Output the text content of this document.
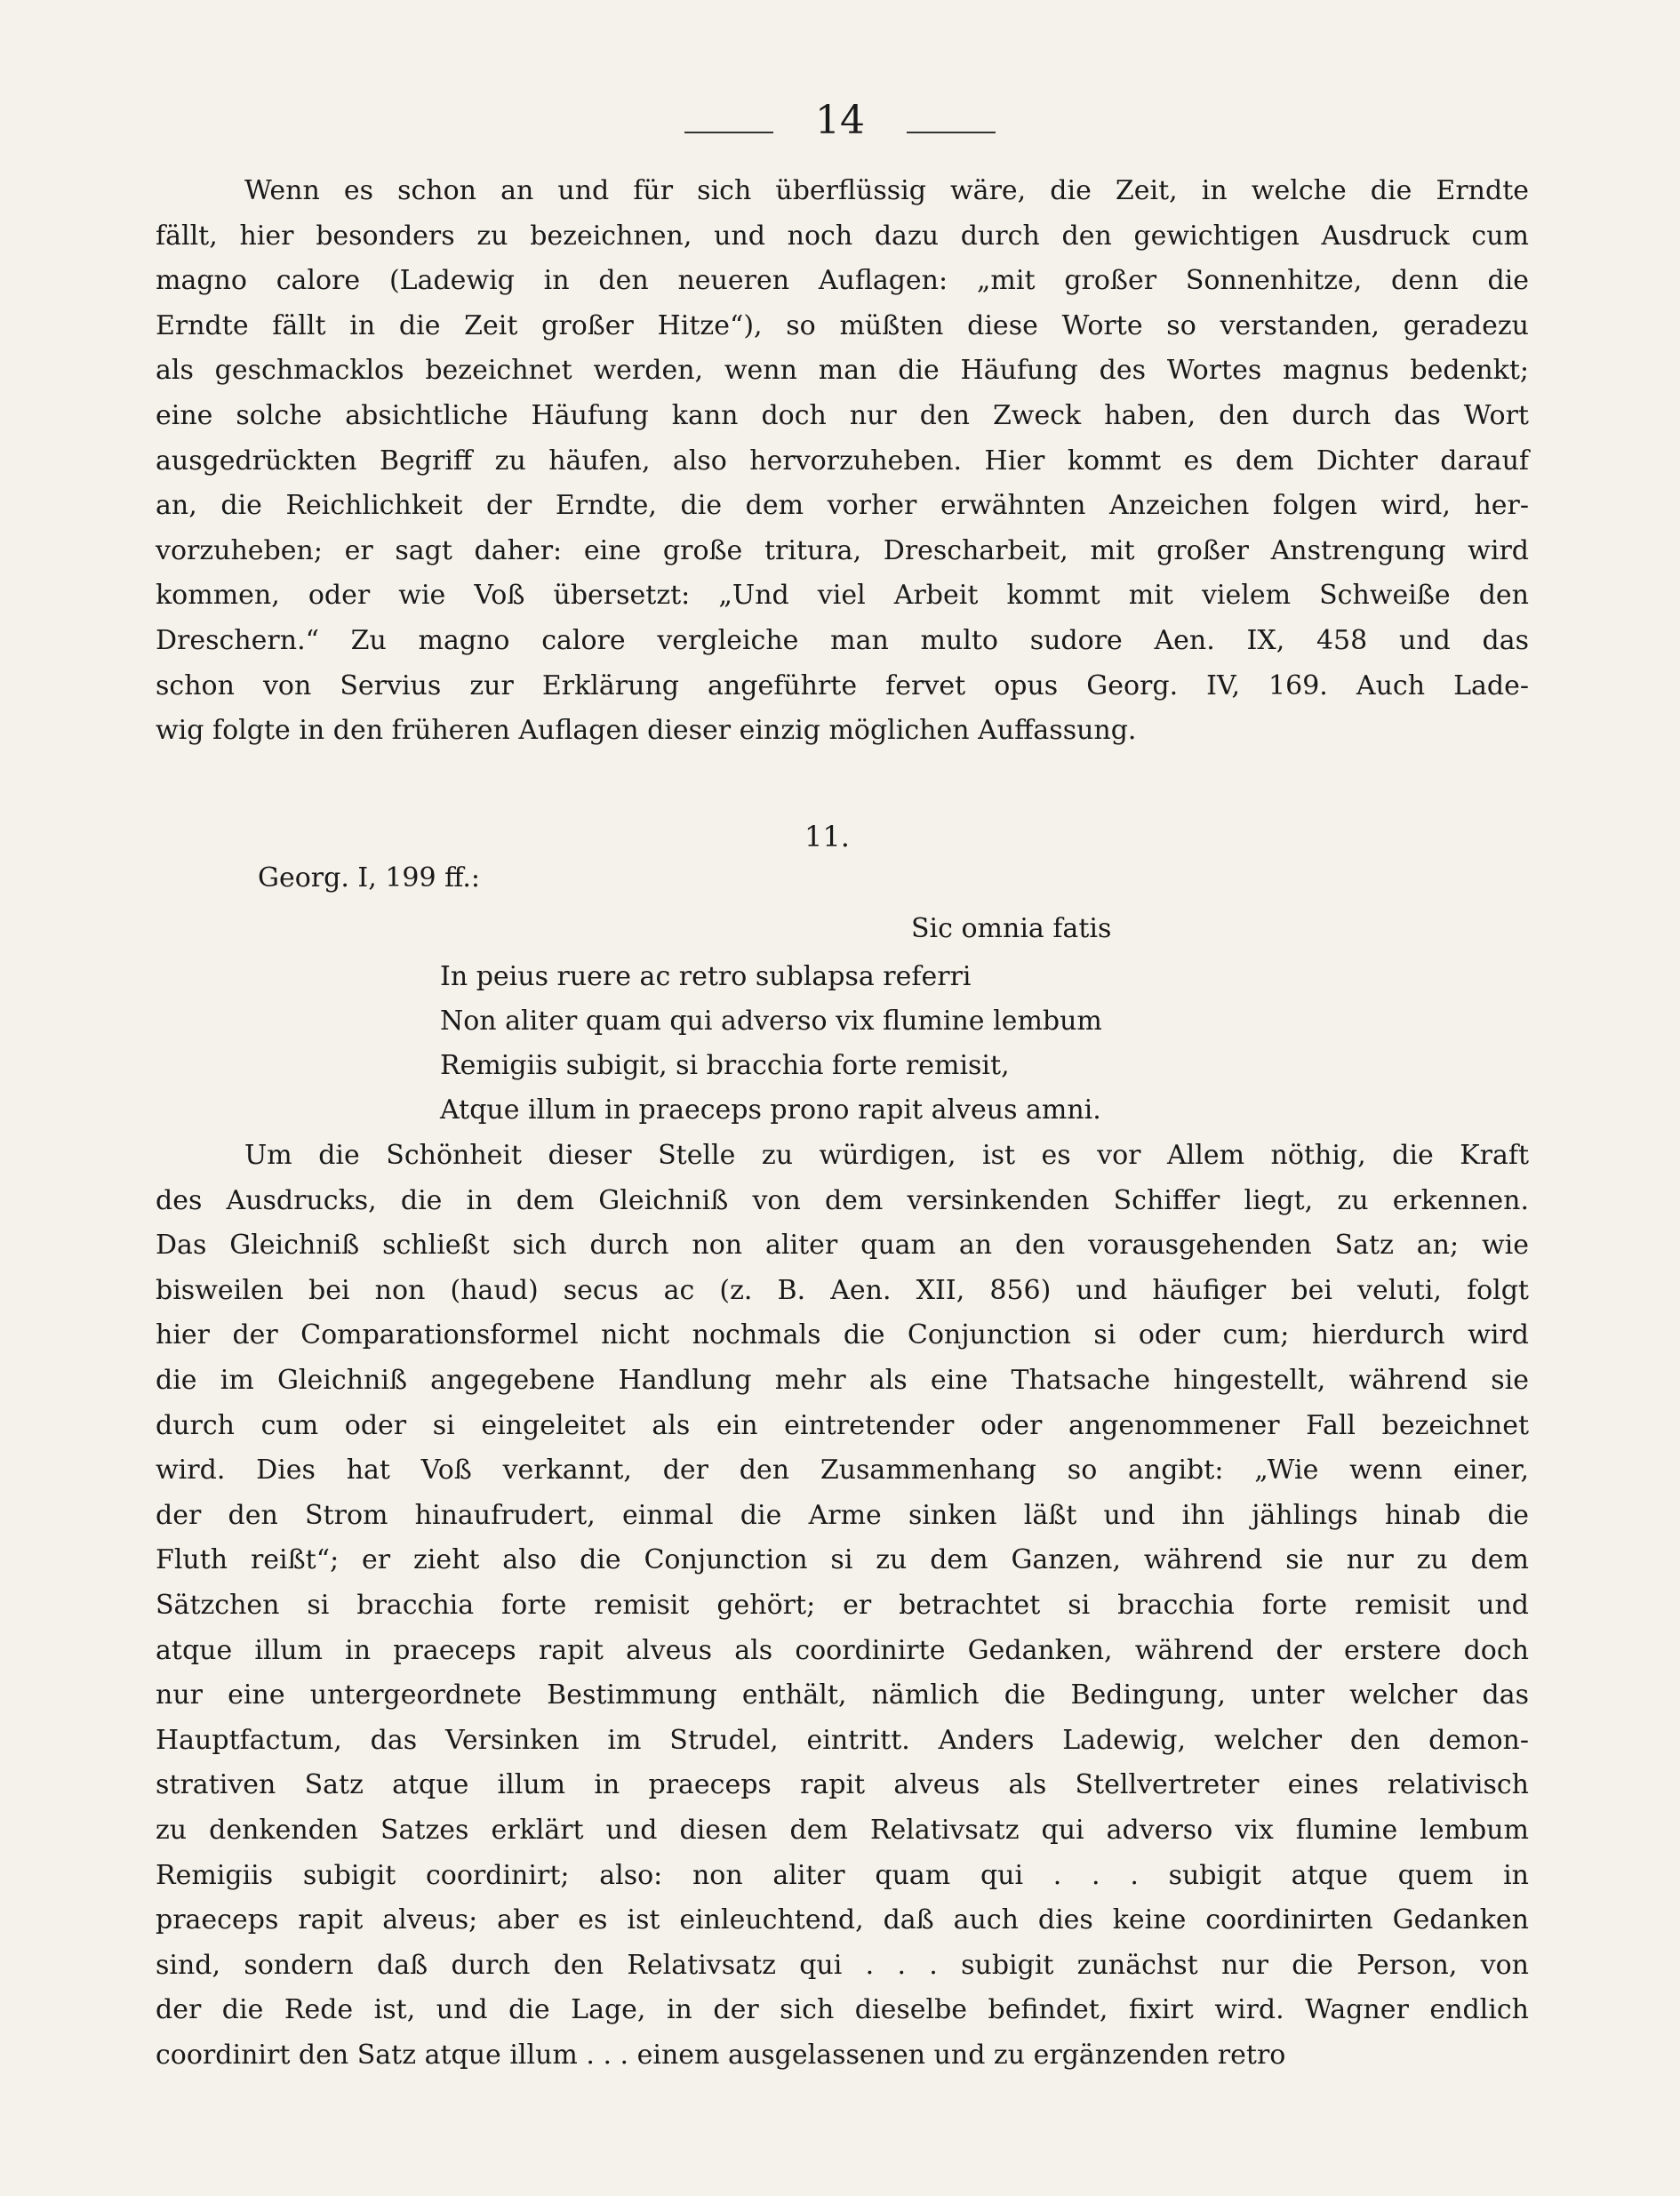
14
Wenn es schon an und für sich überflüssig wäre, die Zeit, in welche die Erndte
fällt, hier besonders zu bezeichnen, und noch dazu durch den gewichtigen Ausdruck cum
magno calore (Ladewig in den neueren Auflagen: „mit großer Sonnenhitze, denn die
Erndte fällt in die Zeit großer Hitze“), so müßten diese Worte so verstanden, geradezu
als geschmacklos bezeichnet werden, wenn man die Häufung des Wortes magnus bedenkt;
eine solche absichtliche Häufung kann doch nur den Zweck haben, den durch das Wort
ausgedrückten Begriff zu häufen, also hervorzuheben. Hier kommt es dem Dichter darauf
an, die Reichlichkeit der Erndte, die dem vorher erwähnten Anzeichen folgen wird, her-
vorzuheben; er sagt daher: eine große tritura, Drescharbeit, mit großer Anstrengung wird
kommen, oder wie Voß übersetzt: „Und viel Arbeit kommt mit vielem Schweiße den
Dreschern.“ Zu magno calore vergleiche man multo sudore Aen. IX, 458 und das
schon von Servius zur Erklärung angeführte fervet opus Georg. IV, 169. Auch Lade-
wig folgte in den früheren Auflagen dieser einzig möglichen Auffassung.
11.
Georg. I, 199 ff.:
Sic omnia fatis
In peius ruere ac retro sublapsa referri
Non aliter quam qui adverso vix flumine lembum
Remigiis subigit, si bracchia forte remisit,
Atque illum in praeceps prono rapit alveus amni.
Um die Schönheit dieser Stelle zu würdigen, ist es vor Allem nöthig, die Kraft
des Ausdrucks, die in dem Gleichniß von dem versinkenden Schiffer liegt, zu erkennen.
Das Gleichniß schließt sich durch non aliter quam an den vorausgehenden Satz an; wie
bisweilen bei non (haud) secus ac (z. B. Aen. XII, 856) und häufiger bei veluti, folgt
hier der Comparationsformel nicht nochmals die Conjunction si oder cum; hierdurch wird
die im Gleichniß angegebene Handlung mehr als eine Thatsache hingestellt, während sie
durch cum oder si eingeleitet als ein eintretender oder angenommener Fall bezeichnet
wird. Dies hat Voß verkannt, der den Zusammenhang so angibt: „Wie wenn einer,
der den Strom hinaufrudert, einmal die Arme sinken läßt und ihn jählings hinab die
Fluth reißt“; er zieht also die Conjunction si zu dem Ganzen, während sie nur zu dem
Sätzchen si bracchia forte remisit gehört; er betrachtet si bracchia forte remisit und
atque illum in praeceps rapit alveus als coordinirte Gedanken, während der erstere doch
nur eine untergeordnete Bestimmung enthält, nämlich die Bedingung, unter welcher das
Hauptfactum, das Versinken im Strudel, eintritt. Anders Ladewig, welcher den demon-
strativen Satz atque illum in praeceps rapit alveus als Stellvertreter eines relativisch
zu denkenden Satzes erklärt und diesen dem Relativsatz qui adverso vix flumine lembum
Remigiis subigit coordinirt; also: non aliter quam qui . . . subigit atque quem in
praeceps rapit alveus; aber es ist einleuchtend, daß auch dies keine coordinirten Gedanken
sind, sondern daß durch den Relativsatz qui . . . subigit zunächst nur die Person, von
der die Rede ist, und die Lage, in der sich dieselbe befindet, fixirt wird. Wagner endlich
coordinirt den Satz atque illum . . . einem ausgelassenen und zu ergänzenden retro
